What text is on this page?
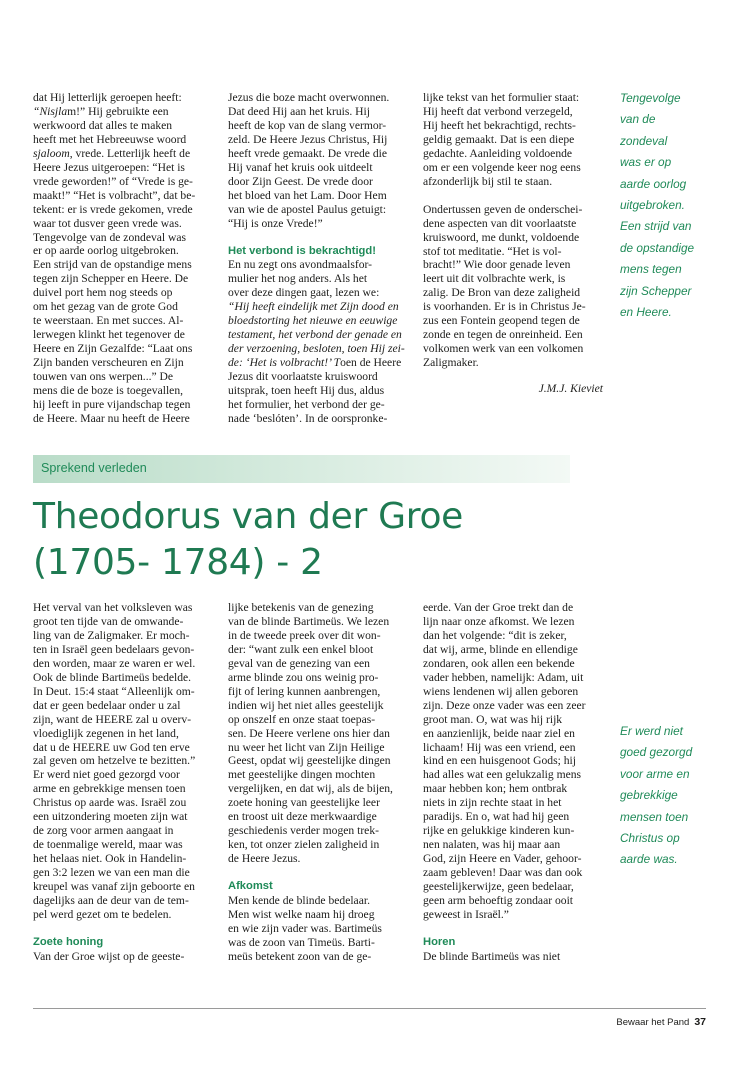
dat Hij letterlijk geroepen heeft:

“Nisjlam!” Hij gebruikte een

werkwoord dat alles te maken

heeft met het Hebreeuwse woord

sjaloom, vrede. Letterlijk heeft de

Heere Jezus uitgeroepen: “Het is

vrede geworden!” of “Vrede is ge-

maakt!” “Het is volbracht”, dat be-

tekent: er is vrede gekomen, vrede

waar tot dusver geen vrede was.

Tengevolge van de zondeval was

er op aarde oorlog uitgebroken.

Een strijd van de opstandige mens

tegen zijn Schepper en Heere. De

duivel port hem nog steeds op

om het gezag van de grote God

te weerstaan. En met succes. Al-

lerwegen klinkt het tegenover de

Heere en Zijn Gezalfde: “Laat ons

Zijn banden verscheuren en Zijn

touwen van ons werpen...” De

mens die de boze is toegevallen,

hij leeft in pure vijandschap tegen

de Heere. Maar nu heeft de Heere

Jezus die boze macht overwonnen.

Dat deed Hij aan het kruis. Hij

heeft de kop van de slang vermor-

zeld. De Heere Jezus Christus, Hij

heeft vrede gemaakt. De vrede die

Hij vanaf het kruis ook uitdeelt

door Zijn Geest. De vrede door

het bloed van het Lam. Door Hem

van wie de apostel Paulus getuigt:

“Hij is onze Vrede!”

Het verbond is bekrachtigd!

En nu zegt ons avondmaalsfor-

mulier het nog anders. Als het

over deze dingen gaat, lezen we:

“Hij heeft eindelijk met Zijn dood en

bloedstorting het nieuwe en eeuwige

testament, het verbond der genade en

der verzoening, besloten, toen Hij zei-

de: ‘Het is volbracht!’ Toen de Heere

Jezus dit voorlaatste kruiswoord

uitsprak, toen heeft Hij dus, aldus

het formulier, het verbond der ge-

nade ‘beslóten’. In de oorspronke-

lijke tekst van het formulier staat:

Hij heeft dat verbond verzegeld,

Hij heeft het bekrachtigd, rechts-

geldig gemaakt. Dat is een diepe

gedachte. Aanleiding voldoende

om er een volgende keer nog eens

afzonderlijk bij stil te staan.

Ondertussen geven de onderschei-

dene aspecten van dit voorlaatste

kruiswoord, me dunkt, voldoende

stof tot meditatie. “Het is vol-

bracht!” Wie door genade leven

leert uit dit volbrachte werk, is

zalig. De Bron van deze zaligheid

is voorhanden. Er is in Christus Je-

zus een Fontein geopend tegen de

zonde en tegen de onreinheid. Een

volkomen werk van een volkomen

Zaligmaker.

J.M.J. Kieviet

Tengevolge

van de

zondeval

was er op

aarde oorlog

uitgebroken.

Een strijd van

de opstandige

mens tegen

zijn Schepper

en Heere.

Sprekend verleden
Theodorus van der Groe
(1705- 1784) - 2

Het verval van het volksleven was

groot ten tijde van de omwande-

ling van de Zaligmaker. Er moch-

ten in Israël geen bedelaars gevon-

den worden, maar ze waren er wel.

Ook de blinde Bartimeüs bedelde.

In Deut. 15:4 staat “Alleenlijk om-

dat er geen bedelaar onder u zal

zijn, want de HEERE zal u overv-

vloediglijk zegenen in het land,

dat u de HEERE uw God ten erve

zal geven om hetzelve te bezitten.”

Er werd niet goed gezorgd voor

arme en gebrekkige mensen toen

Christus op aarde was. Israël zou

een uitzondering moeten zijn wat

de zorg voor armen aangaat in

de toenmalige wereld, maar was

het helaas niet. Ook in Handelin-

gen 3:2 lezen we van een man die

kreupel was vanaf zijn geboorte en

dagelijks aan de deur van de tem-

pel werd gezet om te bedelen.

Zoete honing

Van der Groe wijst op de geeste-

lijke betekenis van de genezing

van de blinde Bartimeüs. We lezen

in de tweede preek over dit won-

der: “want zulk een enkel bloot

geval van de genezing van een

arme blinde zou ons weinig pro-

fijt of lering kunnen aanbrengen,

indien wij het niet alles geestelijk

op onszelf en onze staat toepas-

sen. De Heere verlene ons hier dan

nu weer het licht van Zijn Heilige

Geest, opdat wij geestelijke dingen

met geestelijke dingen mochten

vergelijken, en dat wij, als de bijen,

zoete honing van geestelijke leer

en troost uit deze merkwaardige

geschiedenis verder mogen trek-

ken, tot onzer zielen zaligheid in

de Heere Jezus.

Afkomst

Men kende de blinde bedelaar.

Men wist welke naam hij droeg

en wie zijn vader was. Bartimeüs

was de zoon van Timeüs. Barti-

meüs betekent zoon van de ge-

eerde. Van der Groe trekt dan de

lijn naar onze afkomst. We lezen

dan het volgende: “dit is zeker,

dat wij, arme, blinde en ellendige

zondaren, ook allen een bekende

vader hebben, namelijk: Adam, uit

wiens lendenen wij allen geboren

zijn. Deze onze vader was een zeer

groot man. O, wat was hij rijk

en aanzienlijk, beide naar ziel en

lichaam! Hij was een vriend, een

kind en een huisgenoot Gods; hij

had alles wat een gelukzalig mens

maar hebben kon; hem ontbrak

niets in zijn rechte staat in het

paradijs. En o, wat had hij geen

rijke en gelukkige kinderen kun-

nen nalaten, was hij maar aan

God, zijn Heere en Vader, gehoor-

zaam gebleven! Daar was dan ook

geestelijkerwijze, geen bedelaar,

geen arm behoeftig zondaar ooit

geweest in Israël.”

Horen

De blinde Bartimeüs was niet

Er werd niet

goed gezorgd

voor arme en

gebrekkige

mensen toen

Christus op

aarde was.

Bewaar het Pand 37
